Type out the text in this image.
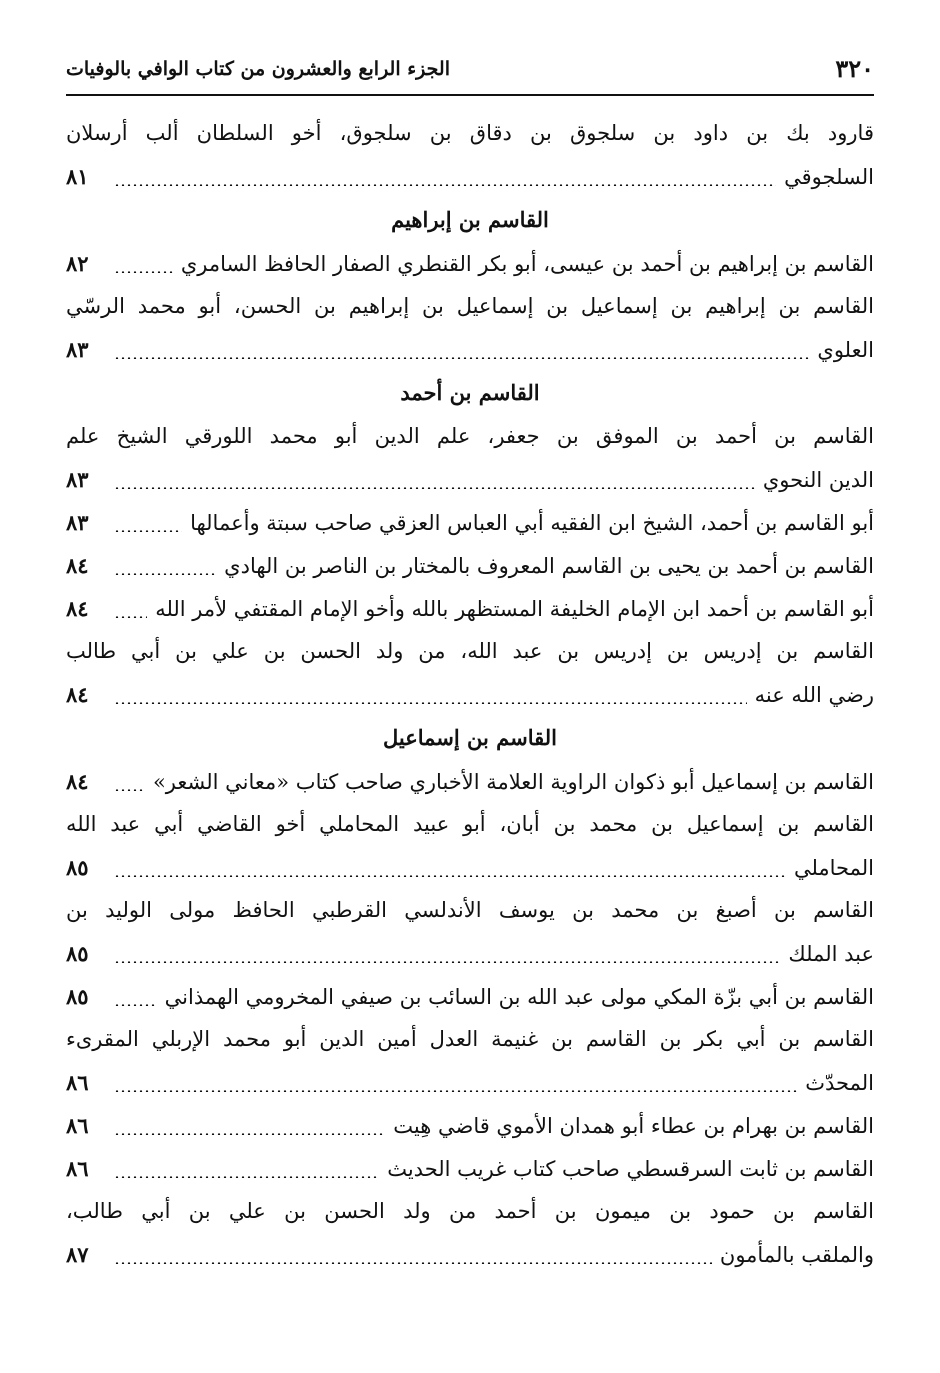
٣٢٠
الجزء الرابع والعشرون من كتاب الوافي بالوفيات
قارود بك بن داود بن سلجوق بن دقاق بن سلجوق، أخو السلطان ألب أرسلان
السلجوقي
٨١
القاسم بن إبراهيم
القاسم بن إبراهيم بن أحمد بن عيسى، أبو بكر القنطري الصفار الحافظ السامري
٨٢
القاسم بن إبراهيم بن إسماعيل بن إسماعيل بن إبراهيم بن الحسن، أبو محمد الرسّي
العلوي
٨٣
القاسم بن أحمد
القاسم بن أحمد بن الموفق بن جعفر، علم الدين أبو محمد اللورقي الشيخ علم
الدين النحوي
٨٣
أبو القاسم بن أحمد، الشيخ ابن الفقيه أبي العباس العزقي صاحب سبتة وأعمالها
٨٣
القاسم بن أحمد بن يحيى بن القاسم المعروف بالمختار بن الناصر بن الهادي
٨٤
أبو القاسم بن أحمد ابن الإمام الخليفة المستظهر بالله وأخو الإمام المقتفي لأمر الله
٨٤
القاسم بن إدريس بن إدريس بن عبد الله، من ولد الحسن بن علي بن أبي طالب
رضي الله عنه
٨٤
القاسم بن إسماعيل
القاسم بن إسماعيل أبو ذكوان الراوية العلامة الأخباري صاحب كتاب «معاني الشعر»
٨٤
القاسم بن إسماعيل بن محمد بن أبان، أبو عبيد المحاملي أخو القاضي أبي عبد الله
المحاملي
٨٥
القاسم بن أصبغ بن محمد بن يوسف الأندلسي القرطبي الحافظ مولى الوليد بن
عبد الملك
٨٥
القاسم بن أبي بزّة المكي مولى عبد الله بن السائب بن صيفي المخرومي الهمذاني
٨٥
القاسم بن أبي بكر بن القاسم بن غنيمة العدل أمين الدين أبو محمد الإربلي المقرىء
المحدّث
٨٦
القاسم بن بهرام بن عطاء أبو همدان الأموي قاضي هِيت
٨٦
القاسم بن ثابت السرقسطي صاحب كتاب غريب الحديث
٨٦
القاسم بن حمود بن ميمون بن أحمد من ولد الحسن بن علي بن أبي طالب،
والملقب بالمأمون
٨٧
